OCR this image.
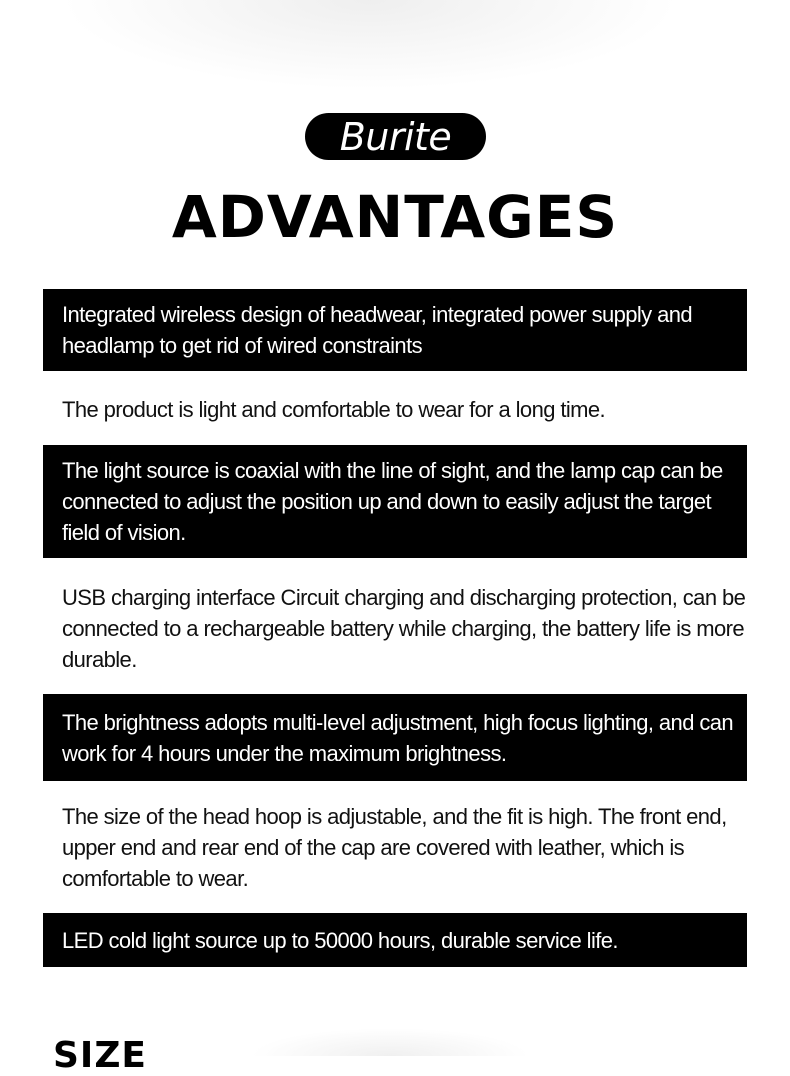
Burite
ADVANTAGES
Integrated wireless design of headwear, integrated power supply and headlamp to get rid of wired constraints
The product is light and comfortable to wear for a long time.
The light source is coaxial with the line of sight, and the lamp cap can be connected to adjust the position up and down to easily adjust the target field of vision.
USB charging interface Circuit charging and discharging protection, can be connected to a rechargeable battery while charging, the battery life is more durable.
The brightness adopts multi-level adjustment, high focus lighting, and can work for 4 hours under the maximum brightness.
The size of the head hoop is adjustable, and the fit is high. The front end, upper end and rear end of the cap are covered with leather, which is comfortable to wear.
LED cold light source up to 50000 hours, durable service life.
SIZE
